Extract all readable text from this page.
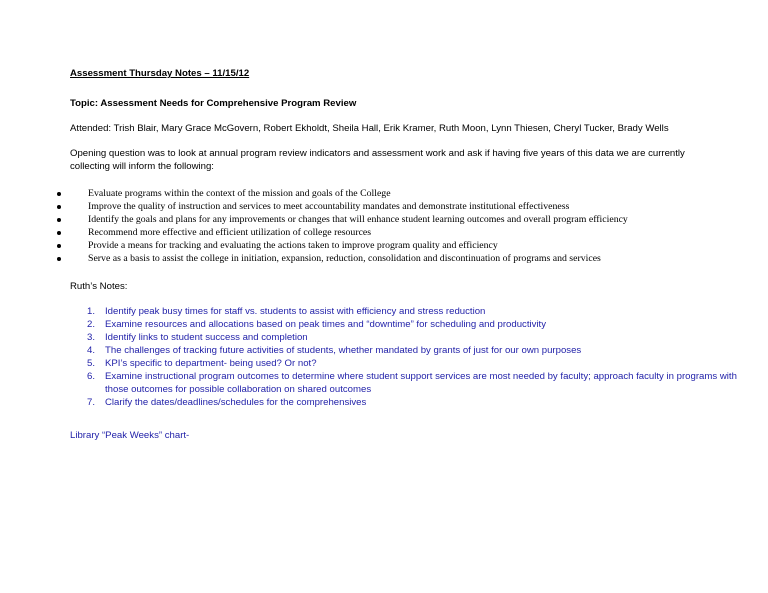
Assessment Thursday Notes – 11/15/12
Topic: Assessment Needs for Comprehensive Program Review
Attended: Trish Blair, Mary Grace McGovern, Robert Ekholdt, Sheila Hall, Erik Kramer, Ruth Moon, Lynn Thiesen, Cheryl Tucker, Brady Wells
Opening question was to look at annual program review indicators and assessment work and ask if having five years of this data we are currently collecting will inform the following:
Evaluate programs within the context of the mission and goals of the College
Improve the quality of instruction and services to meet accountability mandates and demonstrate institutional effectiveness
Identify the goals and plans for any improvements or changes that will enhance student learning outcomes and overall program efficiency
Recommend more effective and efficient utilization of college resources
Provide a means for tracking and evaluating the actions taken to improve program quality and efficiency
Serve as a basis to assist the college in initiation, expansion, reduction, consolidation and discontinuation of programs and services
Ruth’s Notes:
1. Identify peak busy times for staff vs. students to assist with efficiency and stress reduction
2. Examine resources and allocations based on peak times and “downtime” for scheduling and productivity
3. Identify links to student success and completion
4. The challenges of tracking future activities of students, whether mandated by grants of just for our own purposes
5. KPI’s specific to department- being used? Or not?
6. Examine instructional program outcomes to determine where student support services are most needed by faculty; approach faculty in programs with those outcomes for possible collaboration on shared outcomes
7. Clarify the dates/deadlines/schedules for the comprehensives
Library “Peak Weeks” chart-
